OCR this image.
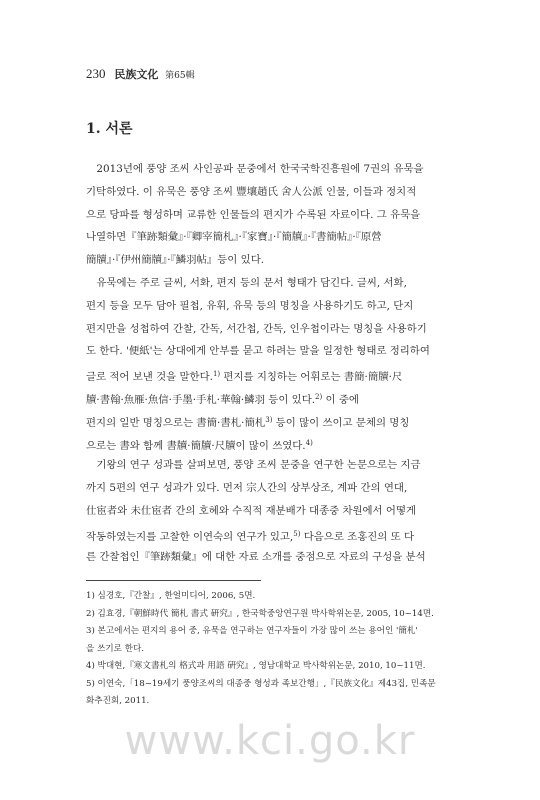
230 民族文化 第65輯
1. 서론
　2013년에 풍양 조씨 사인공파 문중에서 한국국학진흥원에 7권의 유묵을
기탁하였다. 이 유묵은 풍양 조씨 豐壤趙氏 舍人公派 인물, 이들과 정치적
으로 당파를 형성하며 교류한 인물들의 편지가 수록된 자료이다. 그 유묵을
나열하면『筆跡類彙』·『卿宰簡札』·『家寶』·『簡牘』·『書簡帖』·『原營
簡牘』·『伊州簡牘』·『鱗羽帖』등이 있다.
　유묵에는 주로 글씨, 서화, 편지 등의 문서 형태가 담긴다. 글씨, 서화,
편지 등을 모두 담아 필첩, 유휘, 유묵 등의 명칭을 사용하기도 하고, 단지
편지만을 성첩하여 간찰, 간독, 서간첩, 간독, 인우첩이라는 명칭을 사용하기
도 한다. '便紙'는 상대에게 안부를 묻고 하려는 말을 일정한 형태로 정리하여
글로 적어 보낸 것을 말한다.$^{1)}$ 편지를 지칭하는 어휘로는 書簡·簡牘·尺
牘·書翰·魚雁·魚信·手墨·手札·華翰·鱗羽 등이 있다.$^{2)}$ 이 중에
편지의 일반 명칭으로는 書簡·書札·簡札$^{3)}$ 등이 많이 쓰이고 문체의 명칭
으로는 書와 함께 書牘·簡牘·尺牘이 많이 쓰였다.$^{4)}$
　기왕의 연구 성과를 살펴보면, 풍양 조씨 문중을 연구한 논문으로는 지금
까지 5편의 연구 성과가 있다. 먼저 宗人간의 상부상조, 계파 간의 연대,
仕宦者와 未仕宦者 간의 호혜와 수직적 재분배가 대종중 차원에서 어떻게
작동하였는지를 고찰한 이연숙의 연구가 있고,$^{5)}$ 다음으로 조홍진의 또 다
른 간찰첩인『筆跡類彙』에 대한 자료 소개를 중점으로 자료의 구성을 분석
1) 심경호,『간찰』, 한얼미디어, 2006, 5면.
2) 김효경,『朝鮮時代 簡札 書式 硏究』, 한국학중앙연구원 박사학위논문, 2005, 10~14면.
3) 본고에서는 편지의 용어 중, 유묵을 연구하는 연구자들이 가장 많이 쓰는 용어인 '簡札'
을 쓰기로 한다.
4) 박대현,『寒文書札의 格式과 用語 硏究』, 영남대학교 박사학위논문, 2010, 10~11면.
5) 이연숙,「18~19세기 풍양조씨의 대종중 형성과 족보간행」,『民族文化』제43집, 민족문
화추진회, 2011.
www.kci.go.kr
